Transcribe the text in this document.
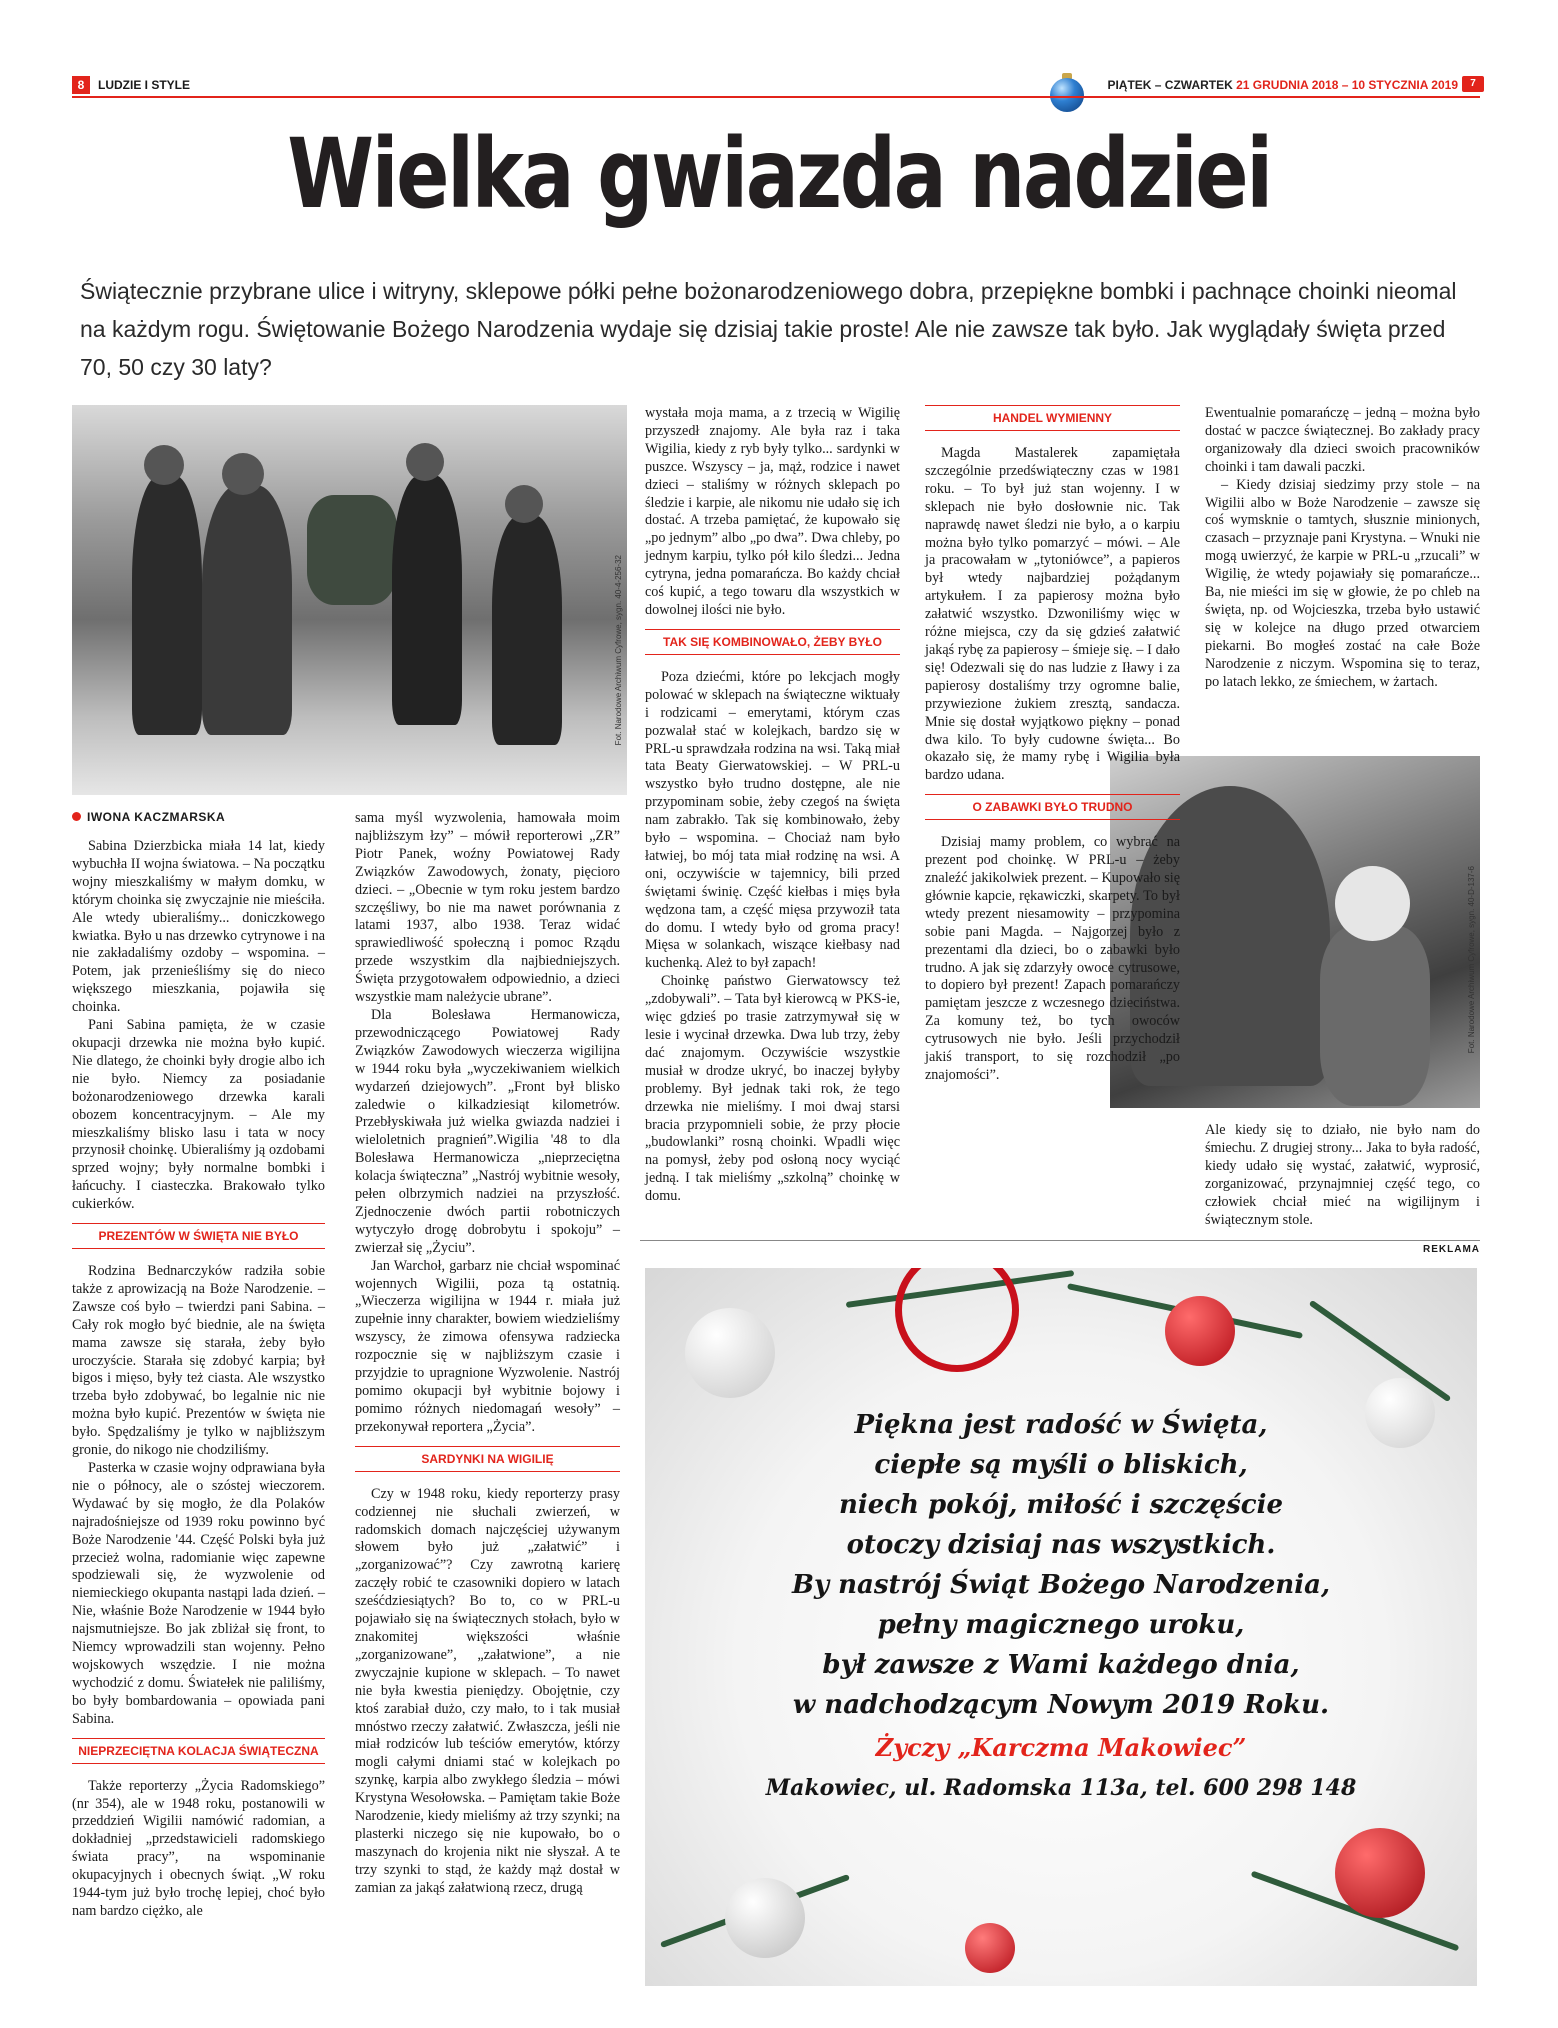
8	LUDZIE I STYLE	PIĄTEK – CZWARTEK 21 GRUDNIA 2018 – 10 STYCZNIA 2019	7
Wielka gwiazda nadziei
Świątecznie przybrane ulice i witryny, sklepowe półki pełne bożonarodzeniowego dobra, przepiękne bombki i pachnące choinki nieomal na każdym rogu. Świętowanie Bożego Narodzenia wydaje się dzisiaj takie proste! Ale nie zawsze tak było. Jak wyglądały święta przed 70, 50 czy 30 laty?
Fot. Narodowe Archiwum Cyfrowe, sygn. 40-4-256-32
Fot. Narodowe Archiwum Cyfrowe, sygn. 40-D-137-6
IWONA KACZMARSKA

Sabina Dzierzbicka miała 14 lat, kiedy wybuchła II wojna światowa. – Na początku wojny mieszkaliśmy w małym domku, w którym choinka się zwyczajnie nie mieściła. Ale wtedy ubieraliśmy... doniczkowego kwiatka. Było u nas drzewko cytrynowe i na nie zakładaliśmy ozdoby – wspomina. – Potem, jak przenieśliśmy się do nieco większego mieszkania, pojawiła się choinka.

Pani Sabina pamięta, że w czasie okupacji drzewka nie można było kupić. Nie dlatego, że choinki były drogie albo ich nie było. Niemcy za posiadanie bożonarodzeniowego drzewka karali obozem koncentracyjnym. – Ale my mieszkaliśmy blisko lasu i tata w nocy przynosił choinkę. Ubieraliśmy ją ozdobami sprzed wojny; były normalne bombki i łańcuchy. I ciasteczka. Brakowało tylko cukierków.

PREZENTÓW W ŚWIĘTA NIE BYŁO

Rodzina Bednarczyków radziła sobie także z aprowizacją na Boże Narodzenie. – Zawsze coś było – twierdzi pani Sabina. – Cały rok mogło być biednie, ale na święta mama zawsze się starała, żeby było uroczyście. Starała się zdobyć karpia; był bigos i mięso, były też ciasta. Ale wszystko trzeba było zdobywać, bo legalnie nic nie można było kupić. Prezentów w święta nie było. Spędzaliśmy je tylko w najbliższym gronie, do nikogo nie chodziliśmy.

Pasterka w czasie wojny odprawiana była nie o północy, ale o szóstej wieczorem. Wydawać by się mogło, że dla Polaków najradośniejsze od 1939 roku powinno być Boże Narodzenie '44. Część Polski była już przecież wolna, radomianie więc zapewne spodziewali się, że wyzwolenie od niemieckiego okupanta nastąpi lada dzień. – Nie, właśnie Boże Narodzenie w 1944 było najsmutniejsze. Bo jak zbliżał się front, to Niemcy wprowadzili stan wojenny. Pełno wojskowych wszędzie. I nie można wychodzić z domu. Światełek nie paliliśmy, bo były bombardowania – opowiada pani Sabina.

NIEPRZECIĘTNA KOLACJA ŚWIĄTECZNA

Także reporterzy „Życia Radomskiego” (nr 354), ale w 1948 roku, postanowili w przeddzień Wigilii namówić radomian, a dokładniej „przedstawicieli radomskiego świata pracy”, na wspominanie okupacyjnych i obecnych świąt. „W roku 1944-tym już było trochę lepiej, choć było nam bardzo ciężko, ale

sama myśl wyzwolenia, hamowała moim najbliższym łzy” – mówił reporterowi „ZR” Piotr Panek, woźny Powiatowej Rady Związków Zawodowych, żonaty, pięcioro dzieci. – „Obecnie w tym roku jestem bardzo szczęśliwy, bo nie ma nawet porównania z latami 1937, albo 1938. Teraz widać sprawiedliwość społeczną i pomoc Rządu przede wszystkim dla najbiedniejszych. Święta przygotowałem odpowiednio, a dzieci wszystkie mam należycie ubrane”.

Dla Bolesława Hermanowicza, przewodniczącego Powiatowej Rady Związków Zawodowych wieczerza wigilijna w 1944 roku była „wyczekiwaniem wielkich wydarzeń dziejowych”. „Front był blisko zaledwie o kilkadziesiąt kilometrów. Przebłyskiwała już wielka gwiazda nadziei i wieloletnich pragnień”.Wigilia '48 to dla Bolesława Hermanowicza „nieprzeciętna kolacja świąteczna” „Nastrój wybitnie wesoły, pełen olbrzymich nadziei na przyszłość. Zjednoczenie dwóch partii robotniczych wytyczyło drogę dobrobytu i spokoju” – zwierzał się „Życiu”.

Jan Warchoł, garbarz nie chciał wspominać wojennych Wigilii, poza tą ostatnią. „Wieczerza wigilijna w 1944 r. miała już zupełnie inny charakter, bowiem wiedzieliśmy wszyscy, że zimowa ofensywa radziecka rozpocznie się w najbliższym czasie i przyjdzie to upragnione Wyzwolenie. Nastrój pomimo okupacji był wybitnie bojowy i pomimo różnych niedomagań wesoły” – przekonywał reportera „Życia”.

SARDYNKI NA WIGILIĘ

Czy w 1948 roku, kiedy reporterzy prasy codziennej nie słuchali zwierzeń, w radomskich domach najczęściej używanym słowem było już „załatwić” i „zorganizować”? Czy zawrotną karierę zaczęły robić te czasowniki dopiero w latach sześćdziesiątych? Bo to, co w PRL-u pojawiało się na świątecznych stołach, było w znakomitej większości właśnie „zorganizowane”, „załatwione”, a nie zwyczajnie kupione w sklepach. – To nawet nie była kwestia pieniędzy. Obojętnie, czy ktoś zarabiał dużo, czy mało, to i tak musiał mnóstwo rzeczy załatwić. Zwłaszcza, jeśli nie miał rodziców lub teściów emerytów, którzy mogli całymi dniami stać w kolejkach po szynkę, karpia albo zwykłego śledzia – mówi Krystyna Wesołowska. – Pamiętam takie Boże Narodzenie, kiedy mieliśmy aż trzy szynki; na plasterki niczego się nie kupowało, bo o maszynach do krojenia nikt nie słyszał. A te trzy szynki to stąd, że każdy mąż dostał w zamian za jakąś załatwioną rzecz, drugą

wystała moja mama, a z trzecią w Wigilię przyszedł znajomy. Ale była raz i taka Wigilia, kiedy z ryb były tylko... sardynki w puszce. Wszyscy – ja, mąż, rodzice i nawet dzieci – staliśmy w różnych sklepach po śledzie i karpie, ale nikomu nie udało się ich dostać. A trzeba pamiętać, że kupowało się „po jednym” albo „po dwa”. Dwa chleby, po jednym karpiu, tylko pół kilo śledzi... Jedna cytryna, jedna pomarańcza. Bo każdy chciał coś kupić, a tego towaru dla wszystkich w dowolnej ilości nie było.

TAK SIĘ KOMBINOWAŁO, ŻEBY BYŁO

Poza dziećmi, które po lekcjach mogły polować w sklepach na świąteczne wiktuały i rodzicami – emerytami, którym czas pozwalał stać w kolejkach, bardzo się w PRL-u sprawdzała rodzina na wsi. Taką miał tata Beaty Gierwatowskiej. – W PRL-u wszystko było trudno dostępne, ale nie przypominam sobie, żeby czegoś na święta nam zabrakło. Tak się kombinowało, żeby było – wspomina. – Chociaż nam było łatwiej, bo mój tata miał rodzinę na wsi. A oni, oczywiście w tajemnicy, bili przed świętami świnię. Część kiełbas i mięs była wędzona tam, a część mięsa przywoził tata do domu. I wtedy było od groma pracy! Mięsa w solankach, wiszące kiełbasy nad kuchenką. Ależ to był zapach!

Choinkę państwo Gierwatowscy też „zdobywali”. – Tata był kierowcą w PKS-ie, więc gdzieś po trasie zatrzymywał się w lesie i wycinał drzewka. Dwa lub trzy, żeby dać znajomym. Oczywiście wszystkie musiał w drodze ukryć, bo inaczej byłyby problemy. Był jednak taki rok, że tego drzewka nie mieliśmy. I moi dwaj starsi bracia przypomnieli sobie, że przy płocie „budowlanki” rosną choinki. Wpadli więc na pomysł, żeby pod osłoną nocy wyciąć jedną. I tak mieliśmy „szkolną” choinkę w domu.

HANDEL WYMIENNY

Magda Mastalerek zapamiętała szczególnie przedświąteczny czas w 1981 roku. – To był już stan wojenny. I w sklepach nie było dosłownie nic. Tak naprawdę nawet śledzi nie było, a o karpiu można było tylko pomarzyć – mówi. – Ale ja pracowałam w „tytoniówce”, a papieros był wtedy najbardziej pożądanym artykułem. I za papierosy można było załatwić wszystko. Dzwoniliśmy więc w różne miejsca, czy da się gdzieś załatwić jakąś rybę za papierosy – śmieje się. – I dało się! Odezwali się do nas ludzie z Iławy i za papierosy dostaliśmy trzy ogromne balie, przywiezione żukiem zresztą, sandacza. Mnie się dostał wyjątkowo piękny – ponad dwa kilo. To były cudowne święta... Bo okazało się, że mamy rybę i Wigilia była bardzo udana.

O ZABAWKI BYŁO TRUDNO

Dzisiaj mamy problem, co wybrać na prezent pod choinkę. W PRL-u – żeby znaleźć jakikolwiek prezent. – Kupowało się głównie kapcie, rękawiczki, skarpety. To był wtedy prezent niesamowity – przypomina sobie pani Magda. – Najgorzej było z prezentami dla dzieci, bo o zabawki było trudno. A jak się zdarzyły owoce cytrusowe, to dopiero był prezent! Zapach pomarańczy pamiętam jeszcze z wczesnego dzieciństwa. Za komuny też, bo tych owoców cytrusowych nie było. Jeśli przychodził jakiś transport, to się rozchodził „po znajomości”.

Ewentualnie pomarańczę – jedną – można było dostać w paczce świątecznej. Bo zakłady pracy organizowały dla dzieci swoich pracowników choinki i tam dawali paczki.

– Kiedy dzisiaj siedzimy przy stole – na Wigilii albo w Boże Narodzenie – zawsze się coś wymsknie o tamtych, słusznie minionych, czasach – przyznaje pani Krystyna. – Wnuki nie mogą uwierzyć, że karpie w PRL-u „rzucali” w Wigilię, że wtedy pojawiały się pomarańcze... Ba, nie mieści im się w głowie, że po chleb na święta, np. od Wojcieszka, trzeba było ustawić się w kolejce na długo przed otwarciem piekarni. Bo mogłeś zostać na całe Boże Narodzenie z niczym. Wspomina się to teraz, po latach lekko, ze śmiechem, w żartach.

Ale kiedy się to działo, nie było nam do śmiechu. Z drugiej strony... Jaka to była radość, kiedy udało się wystać, załatwić, wyprosić, zorganizować, przynajmniej część tego, co człowiek chciał mieć na wigilijnym i świątecznym stole.

REKLAMA
Piękna jest radość w Święta,
ciepłe są myśli o bliskich,
niech pokój, miłość i szczęście
otoczy dzisiaj nas wszystkich.
By nastrój Świąt Bożego Narodzenia,
pełny magicznego uroku,
był zawsze z Wami każdego dnia,
w nadchodzącym Nowym 2019 Roku.
Życzy „Karczma Makowiec”
Makowiec, ul. Radomska 113a, tel. 600 298 148
